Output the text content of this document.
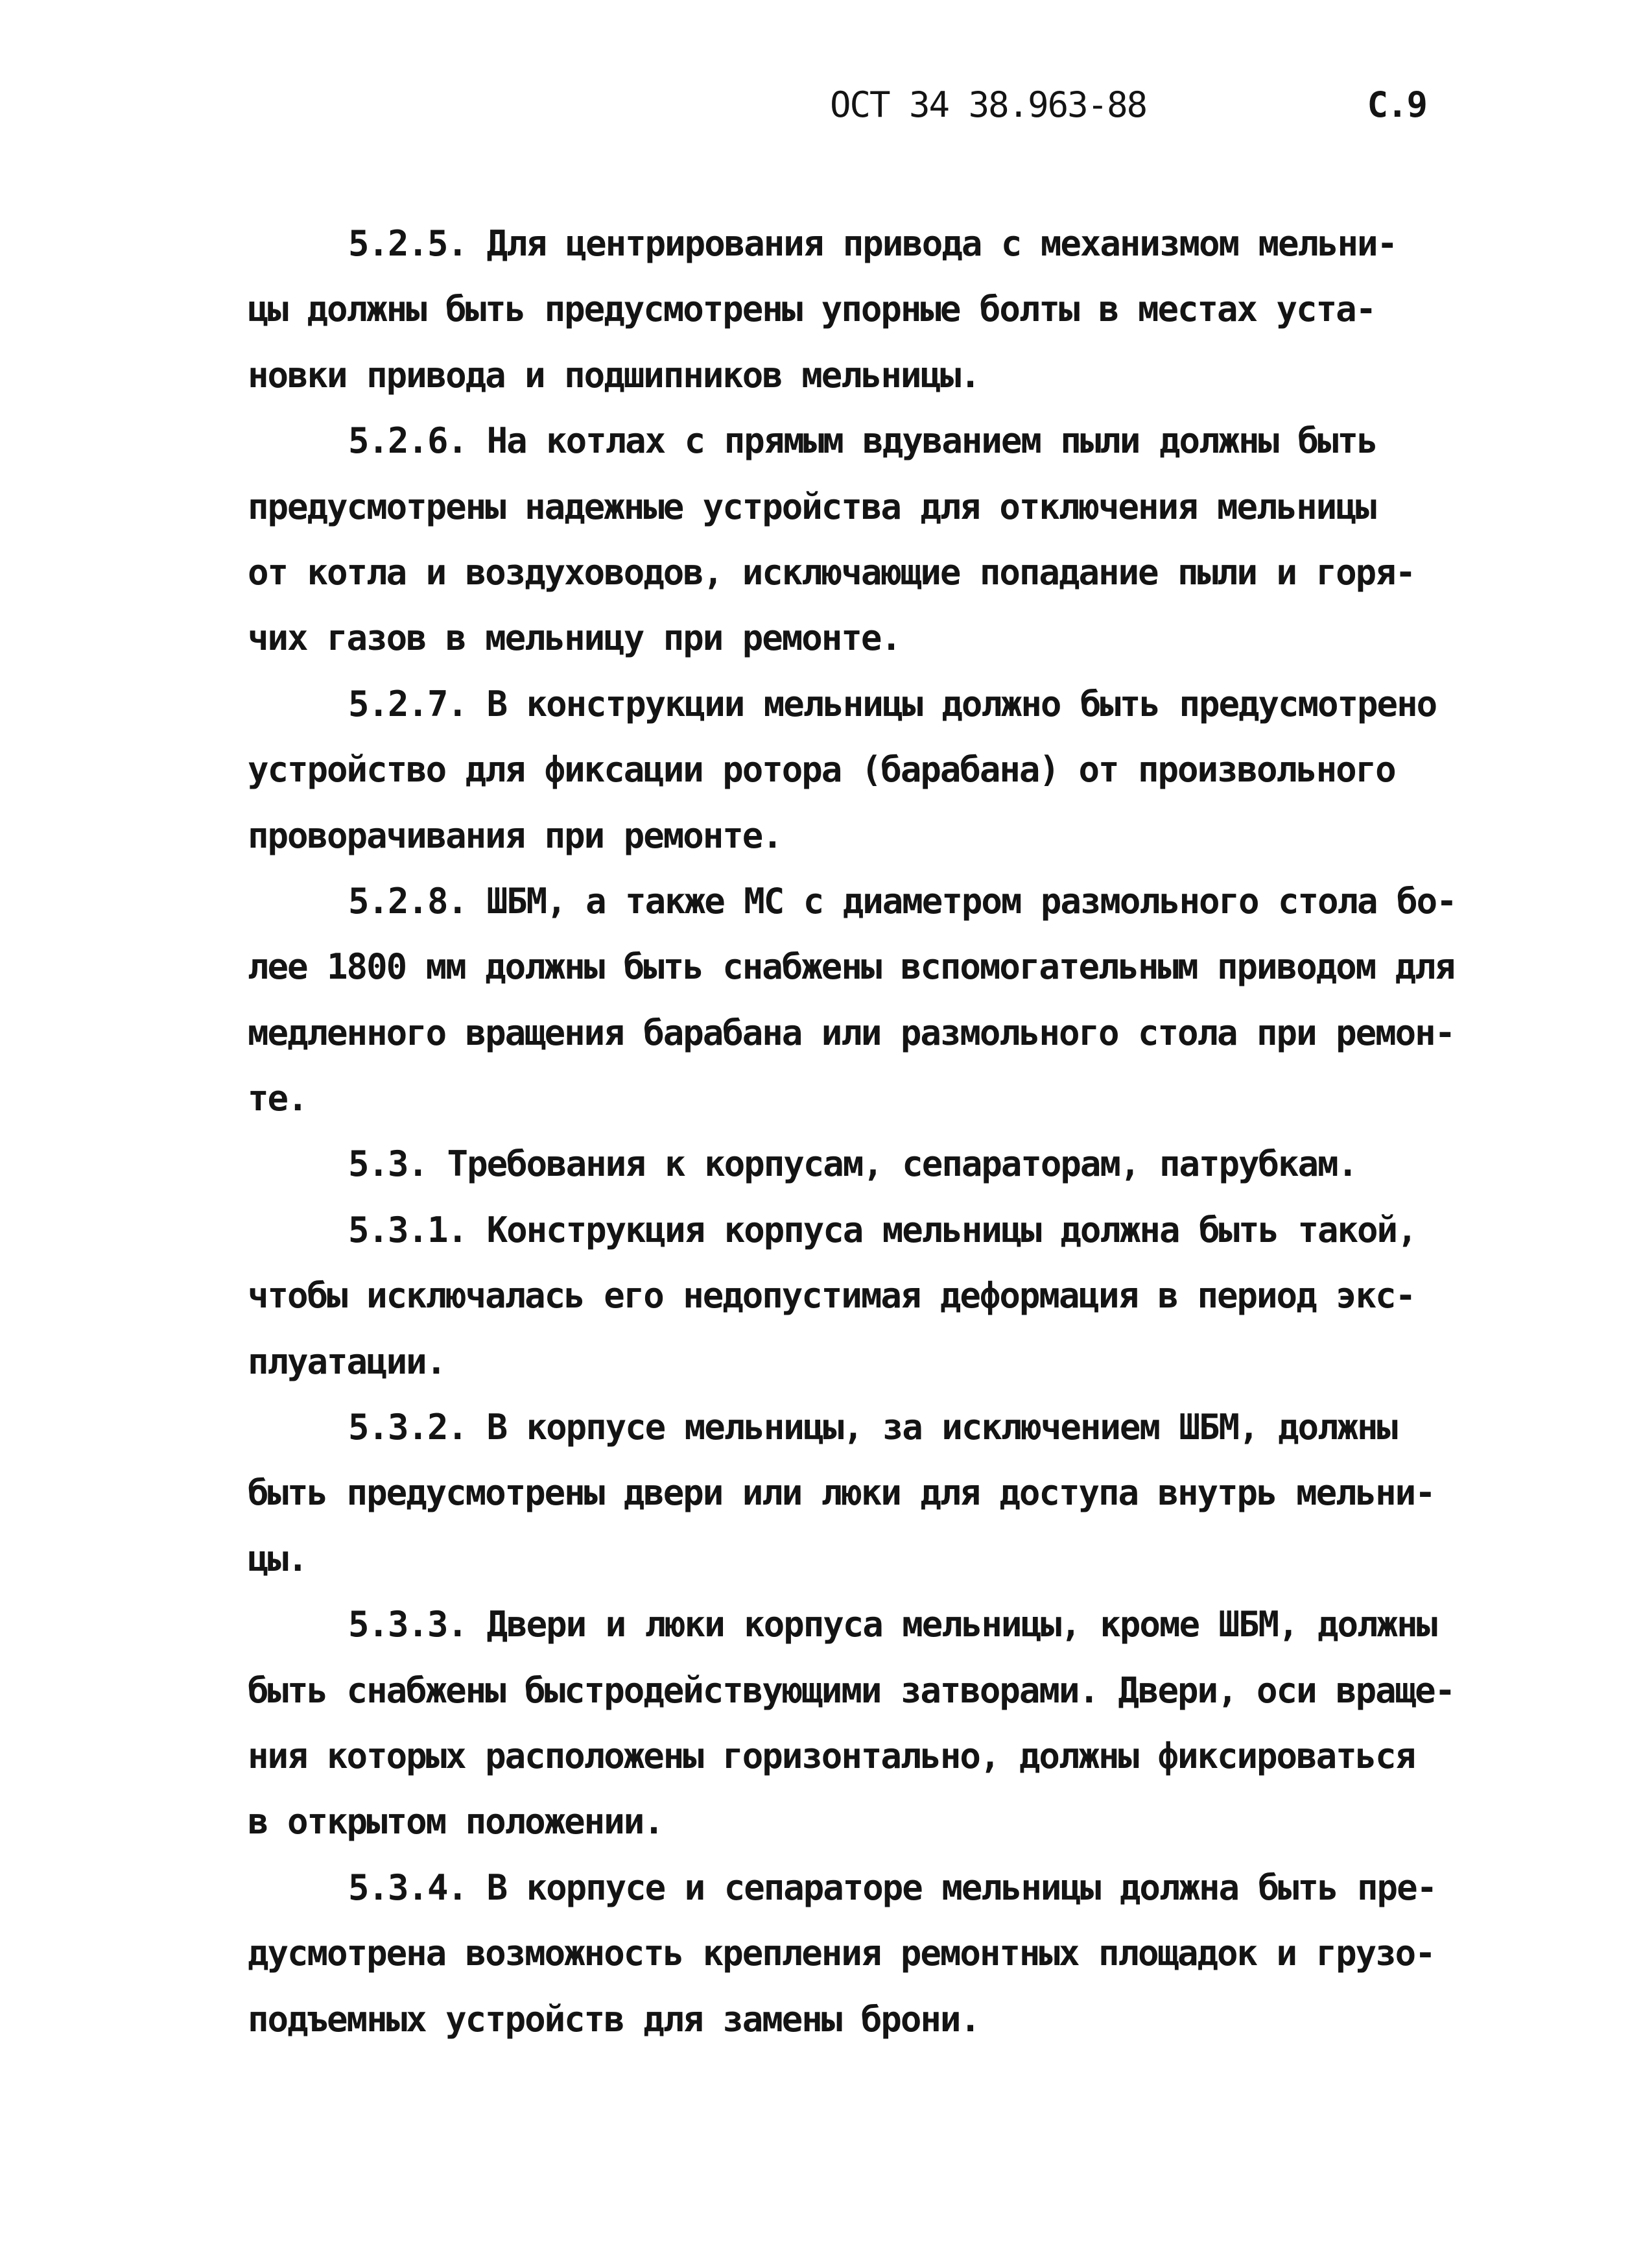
ОСТ 34 38.963-88	С.9
5.2.5. Для центрирования привода с механизмом мельни-
цы должны быть предусмотрены упорные болты в местах уста-
новки привода и подшипников мельницы.
5.2.6. На котлах с прямым вдуванием пыли должны быть
предусмотрены надежные устройства для отключения мельницы
от котла и воздуховодов, исключающие попадание пыли и горя-
чих газов в мельницу при ремонте.
5.2.7. В конструкции мельницы должно быть предусмотрено
устройство для фиксации ротора (барабана) от произвольного
проворачивания при ремонте.
5.2.8. ШБМ, а также МС с диаметром размольного стола бо-
лее 1800 мм должны быть снабжены вспомогательным приводом для
медленного вращения барабана или размольного стола при ремон-
те.
5.3. Требования к корпусам, сепараторам, патрубкам.
5.3.1. Конструкция корпуса мельницы должна быть такой,
чтобы исключалась его недопустимая деформация в период экс-
плуатации.
5.3.2. В корпусе мельницы, за исключением ШБМ, должны
быть предусмотрены двери или люки для доступа внутрь мельни-
цы.
5.3.3. Двери и люки корпуса мельницы, кроме ШБМ, должны
быть снабжены быстродействующими затворами. Двери, оси враще-
ния которых расположены горизонтально, должны фиксироваться
в открытом положении.
5.3.4. В корпусе и сепараторе мельницы должна быть пре-
дусмотрена возможность крепления ремонтных площадок и грузо-
подъемных устройств для замены брони.
